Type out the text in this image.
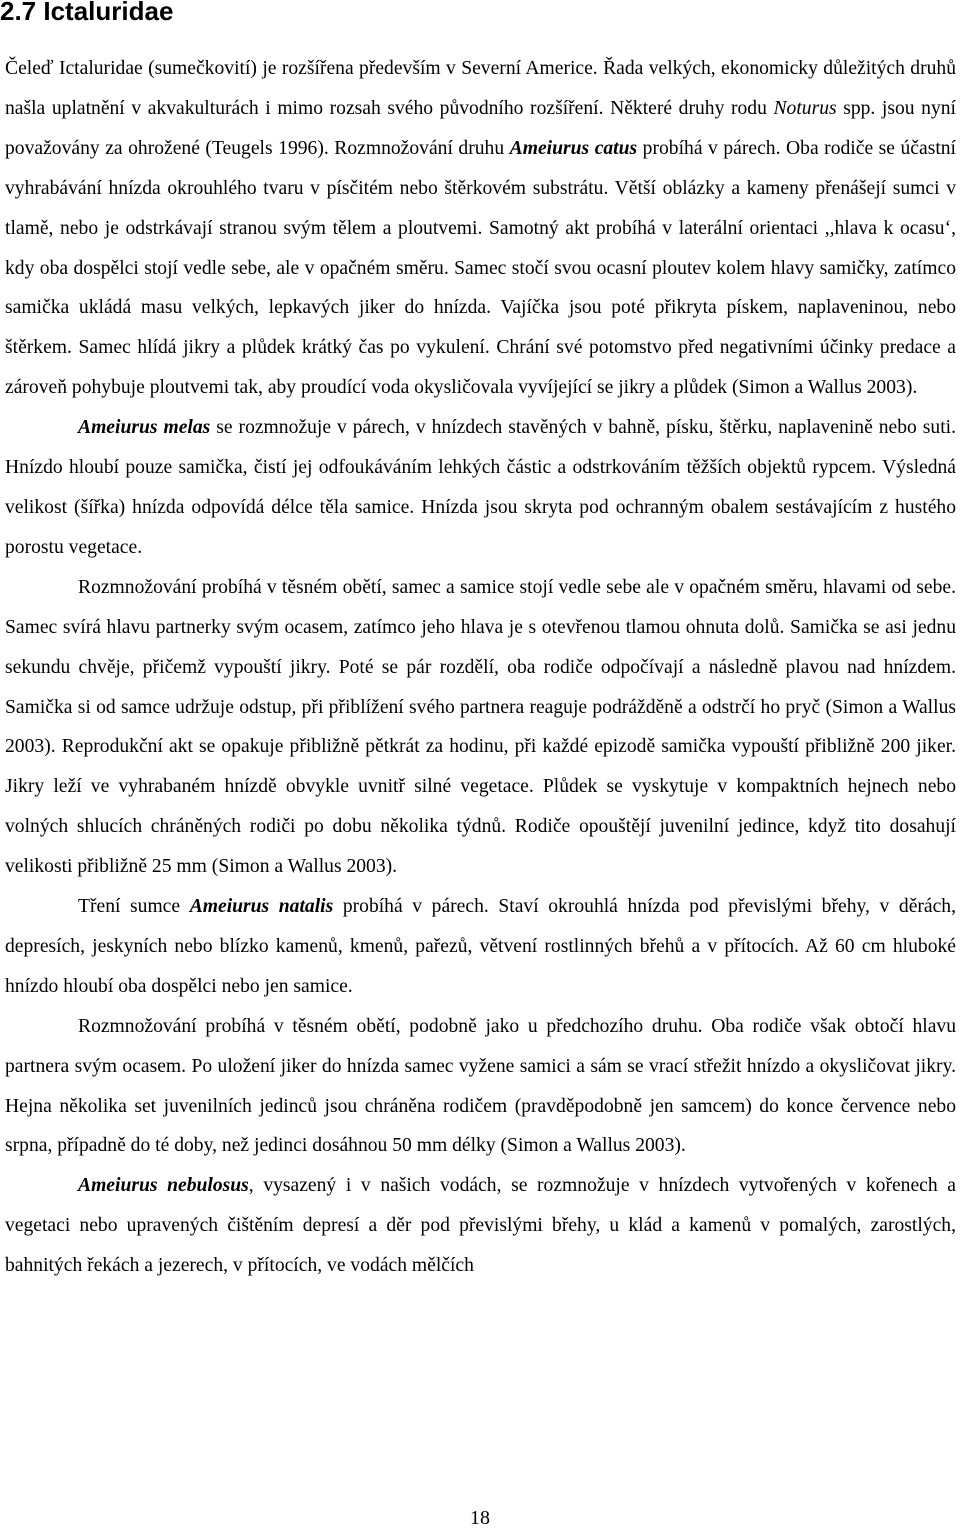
2.7 Ictaluridae

Čeleď Ictaluridae (sumečkovití) je rozšířena především v Severní Americe. Řada velkých, ekonomicky důležitých druhů našla uplatnění v akvakulturách i mimo rozsah svého původního rozšíření. Některé druhy rodu Noturus spp. jsou nyní považovány za ohrožené (Teugels 1996). Rozmnožování druhu Ameiurus catus probíhá v párech. Oba rodiče se účastní vyhrabávání hnízda okrouhlého tvaru v písčitém nebo štěrkovém substrátu. Větší oblázky a kameny přenášejí sumci v tlamě, nebo je odstrkávají stranou svým tělem a ploutvemi. Samotný akt probíhá v laterální orientaci ,,hlava k ocasu‘, kdy oba dospělci stojí vedle sebe, ale v opačném směru. Samec stočí svou ocasní ploutev kolem hlavy samičky, zatímco samička ukládá masu velkých, lepkavých jiker do hnízda. Vajíčka jsou poté přikryta pískem, naplaveninou, nebo štěrkem. Samec hlídá jikry a plůdek krátký čas po vykulení. Chrání své potomstvo před negativními účinky predace a zároveň pohybuje ploutvemi tak, aby proudící voda okysličovala vyvíjející se jikry a plůdek (Simon a Wallus 2003).

Ameiurus melas se rozmnožuje v párech, v hnízdech stavěných v bahně, písku, štěrku, naplavenině nebo suti. Hnízdo hloubí pouze samička, čistí jej odfoukáváním lehkých částic a odstrkováním těžších objektů rypcem. Výsledná velikost (šířka) hnízda odpovídá délce těla samice. Hnízda jsou skryta pod ochranným obalem sestávajícím z hustého porostu vegetace.

Rozmnožování probíhá v těsném obětí, samec a samice stojí vedle sebe ale v opačném směru, hlavami od sebe. Samec svírá hlavu partnerky svým ocasem, zatímco jeho hlava je s otevřenou tlamou ohnuta dolů. Samička se asi jednu sekundu chvěje, přičemž vypouští jikry. Poté se pár rozdělí, oba rodiče odpočívají a následně plavou nad hnízdem. Samička si od samce udržuje odstup, při přiblížení svého partnera reaguje podrážděně a odstrčí ho pryč (Simon a Wallus 2003). Reprodukční akt se opakuje přibližně pětkrát za hodinu, při každé epizodě samička vypouští přibližně 200 jiker. Jikry leží ve vyhrabaném hnízdě obvykle uvnitř silné vegetace. Plůdek se vyskytuje v kompaktních hejnech nebo volných shlucích chráněných rodiči po dobu několika týdnů. Rodiče opouštějí juvenilní jedince, když tito dosahují velikosti přibližně 25 mm (Simon a Wallus 2003).

Tření sumce Ameiurus natalis probíhá v párech. Staví okrouhlá hnízda pod převislými břehy, v děrách, depresích, jeskyních nebo blízko kamenů, kmenů, pařezů, větvení rostlinných břehů a v přítocích. Až 60 cm hluboké hnízdo hloubí oba dospělci nebo jen samice.

Rozmnožování probíhá v těsném obětí, podobně jako u předchozího druhu. Oba rodiče však obtočí hlavu partnera svým ocasem. Po uložení jiker do hnízda samec vyžene samici a sám se vrací střežit hnízdo a okysličovat jikry. Hejna několika set juvenilních jedinců jsou chráněna rodičem (pravděpodobně jen samcem) do konce července nebo srpna, případně do té doby, než jedinci dosáhnou 50 mm délky (Simon a Wallus 2003).

Ameiurus nebulosus, vysazený i v našich vodách, se rozmnožuje v hnízdech vytvořených v kořenech a vegetaci nebo upravených čištěním depresí a děr pod převislými břehy, u klád a kamenů v pomalých, zarostlých, bahnitých řekách a jezerech, v přítocích, ve vodách mělčích

18
